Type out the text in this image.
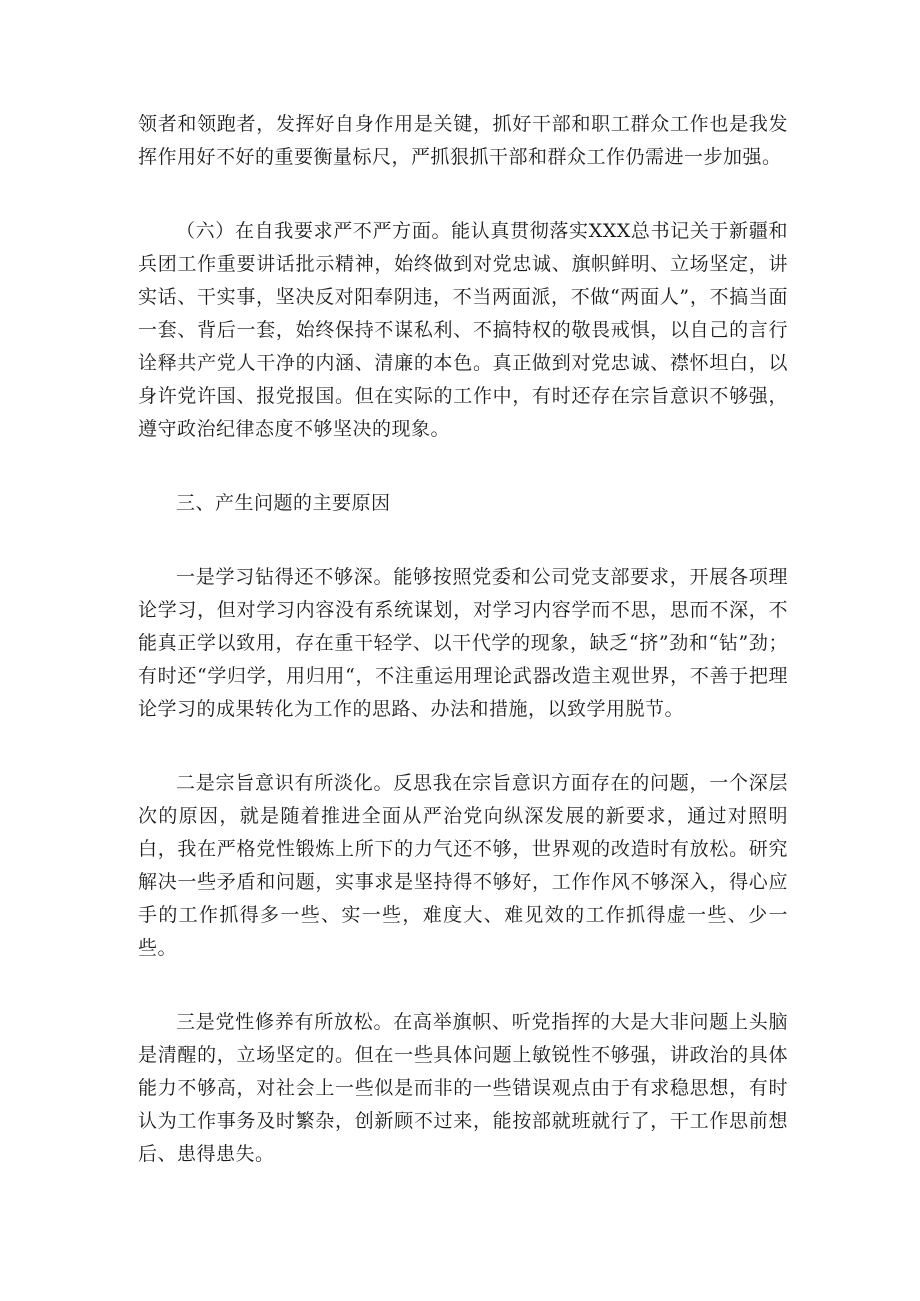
领者和领跑者，发挥好自身作用是关键，抓好干部和职工群众工作也是我发挥作用好不好的重要衡量标尺，严抓狠抓干部和群众工作仍需进一步加强。

（六）在自我要求严不严方面。能认真贯彻落实XXX总书记关于新疆和兵团工作重要讲话批示精神，始终做到对党忠诚、旗帜鲜明、立场坚定，讲实话、干实事，坚决反对阳奉阴违，不当两面派，不做“两面人”，不搞当面一套、背后一套，始终保持不谋私利、不搞特权的敬畏戒惧，以自己的言行诠释共产党人干净的内涵、清廉的本色。真正做到对党忠诚、襟怀坦白，以身许党许国、报党报国。但在实际的工作中，有时还存在宗旨意识不够强，遵守政治纪律态度不够坚决的现象。

三、产生问题的主要原因

一是学习钻得还不够深。能够按照党委和公司党支部要求，开展各项理论学习，但对学习内容没有系统谋划，对学习内容学而不思，思而不深，不能真正学以致用，存在重干轻学、以干代学的现象，缺乏“挤”劲和“钻”劲；有时还“学归学，用归用“，不注重运用理论武器改造主观世界，不善于把理论学习的成果转化为工作的思路、办法和措施，以致学用脱节。

二是宗旨意识有所淡化。反思我在宗旨意识方面存在的问题，一个深层次的原因，就是随着推进全面从严治党向纵深发展的新要求，通过对照明白，我在严格党性锻炼上所下的力气还不够，世界观的改造时有放松。研究解决一些矛盾和问题，实事求是坚持得不够好，工作作风不够深入，得心应手的工作抓得多一些、实一些，难度大、难见效的工作抓得虚一些、少一些。

三是党性修养有所放松。在高举旗帜、听党指挥的大是大非问题上头脑是清醒的，立场坚定的。但在一些具体问题上敏锐性不够强，讲政治的具体能力不够高，对社会上一些似是而非的一些错误观点由于有求稳思想，有时认为工作事务及时繁杂，创新顾不过来，能按部就班就行了，干工作思前想后、患得患失。
